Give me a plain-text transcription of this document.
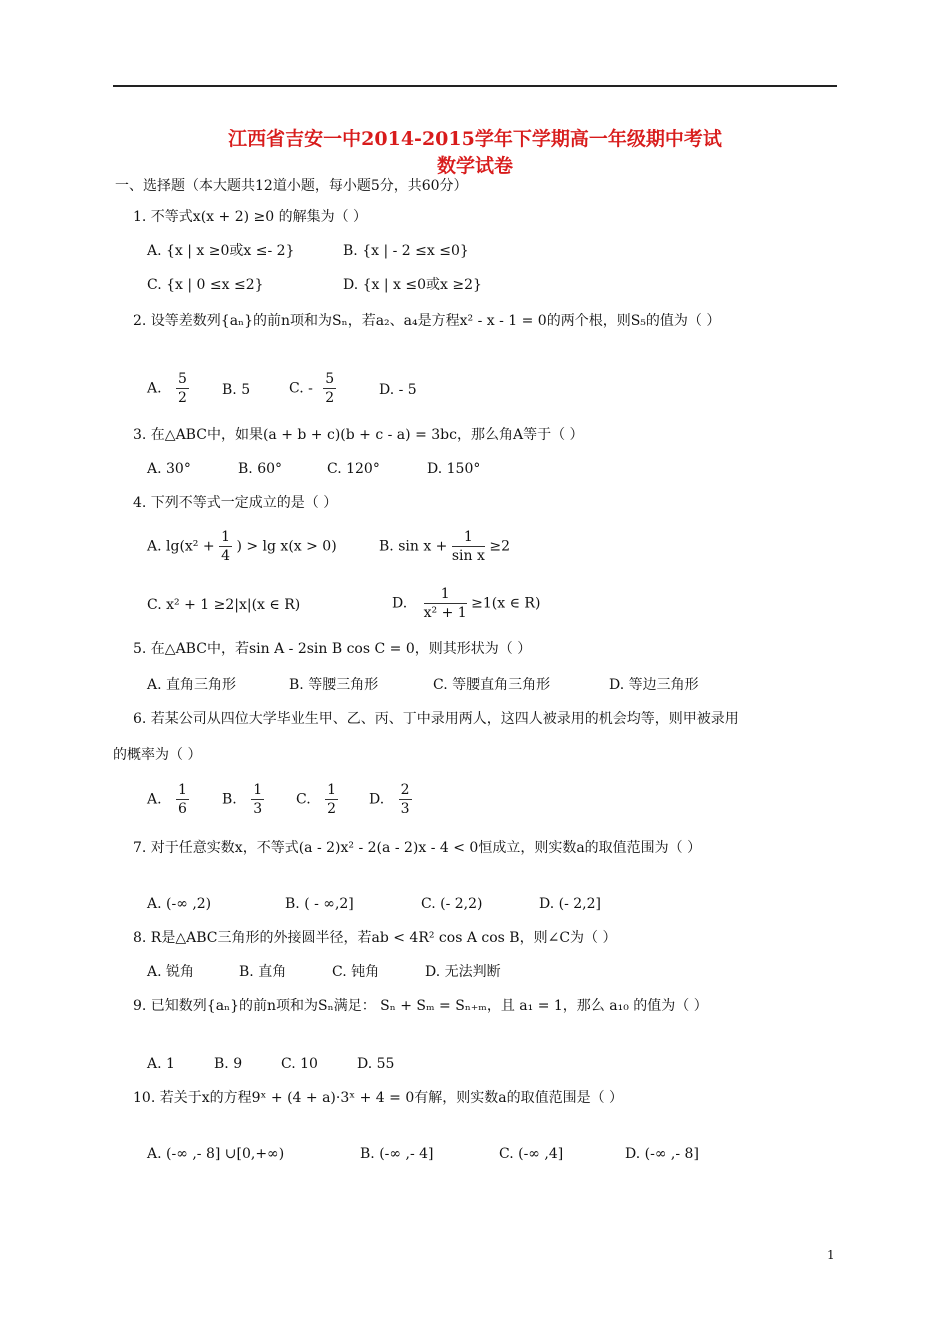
江西省吉安一中2014-2015学年下学期高一年级期中考试
数学试卷
一、选择题（本大题共12道小题，每小题5分，共60分）
1. 不等式x(x + 2) ≥0 的解集为（ ）
A. {x | x ≥0或x ≤- 2}	B. {x | - 2 ≤x ≤0}
C. {x | 0 ≤x ≤2}	D. {x | x ≤0或x ≥2}
2. 设等差数列{aₙ}的前n项和为Sₙ，若a₂、a₄是方程x² - x - 1 = 0的两个根，则S₅的值为（ ）
A. $\frac{5}{2} B$. 5	C. - $\frac{5}{2}$	D. - 5
3. 在△ABC中，如果(a + b + c)(b + c - a) = 3bc，那么角A等于（ ）
A. 30°	B. 60°	C. 120°	D. 150°
4. 下列不等式一定成立的是（ ）
A. $\lg(x^2 + \frac{1}{4}$ ) > lg x(x > 0)	B. $\sin x + \frac{1}{\text{sin x}} \ge 2$
C. x² + 1 ≥2|x|(x ∈ R)	D. $\frac{1}{\text{x² + 1}} \ge 1(x$ ∈ R)
5. 在△ABC中，若sin A - 2sin B cos C = 0，则其形状为（ ）
A. 直角三角形	B. 等腰三角形	C. 等腰直角三角形	D. 等边三角形
6. 若某公司从四位大学毕业生甲、乙、丙、丁中录用两人，这四人被录用的机会均等，则甲被录用
的概率为（ ）
A. $\frac{1}{6} B$. $\frac{1}{3} C$. $\frac{1}{2} D$. $\frac{2}{3}$
7. 对于任意实数x，不等式(a - 2)x² - 2(a - 2)x - 4 < 0恒成立，则实数a的取值范围为（ ）
A. (-∞ ,2)	B. ( - ∞,2]	C. (- 2,2)	D. (- 2,2]
8. R是△ABC三角形的外接圆半径，若ab < 4R² cos A cos B，则∠C为（ ）
A. 锐角	B. 直角	C. 钝角	D. 无法判断
9. 已知数列{aₙ}的前n项和为Sₙ满足： Sₙ + Sₘ = Sₙ₊ₘ，且 a₁ = 1，那么 a₁₀ 的值为（ ）
A. 1	B. 9	C. 10	D. 55
10. 若关于x的方程9ˣ + (4 + a)·3ˣ + 4 = 0有解，则实数a的取值范围是（ ）
A. (-∞ ,- 8] ∪[0,+∞)	B. (-∞ ,- 4]	C. (-∞ ,4]	D. (-∞ ,- 8]
1
